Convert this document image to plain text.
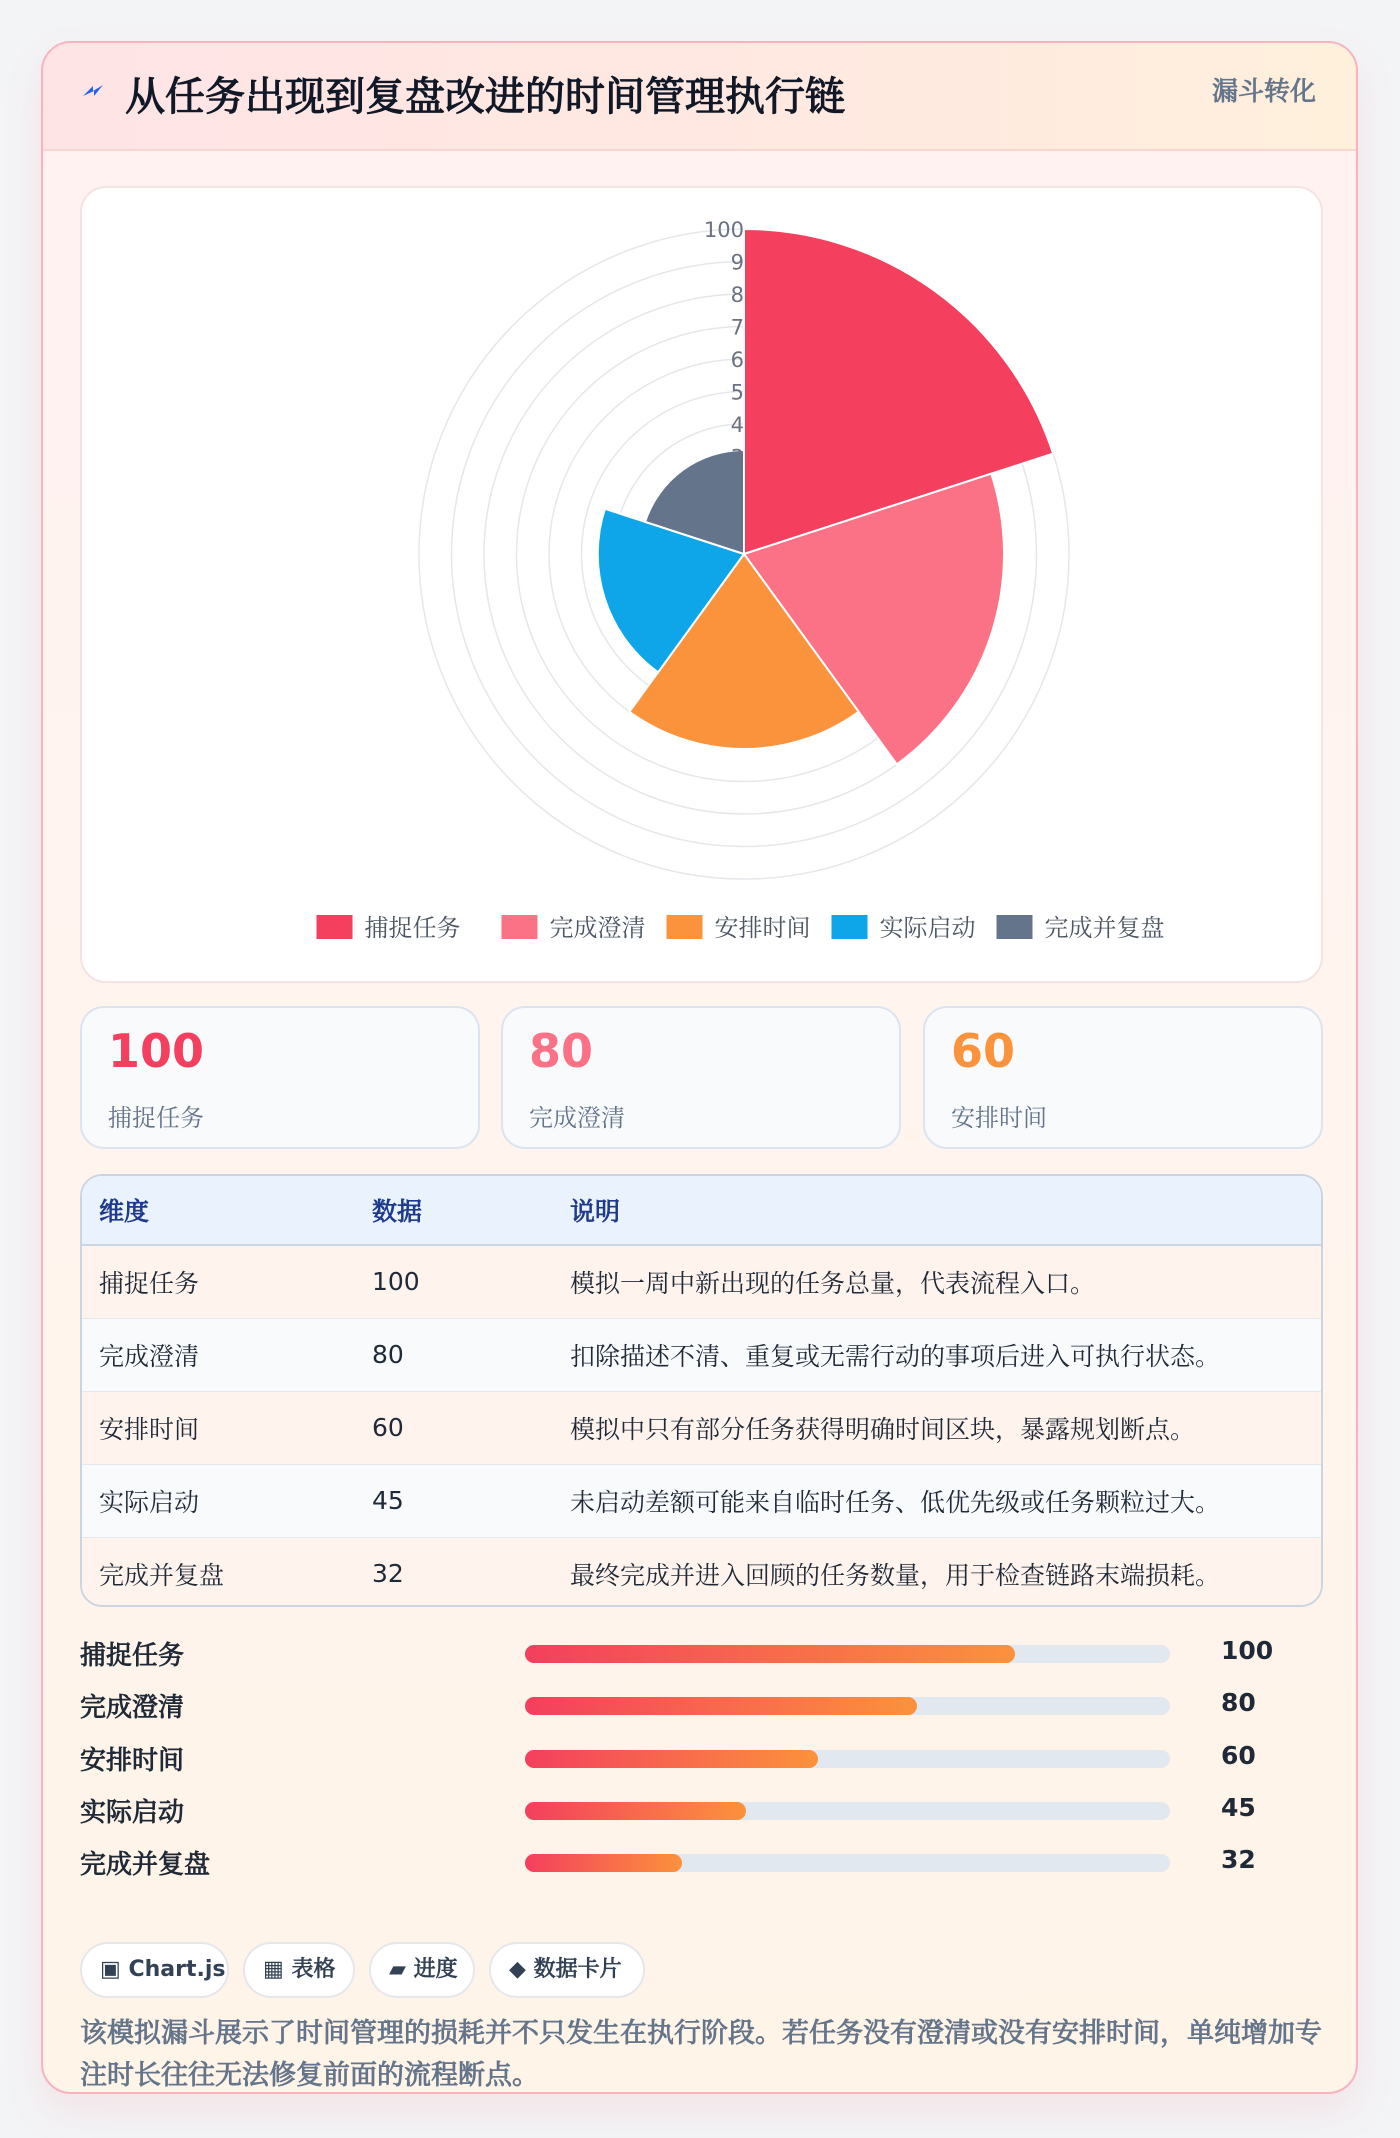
从任务出现到复盘改进的时间管理执行链	漏斗转化
100
9
8
7
6
5
4
3
捕捉任务	完成澄清	安排时间	实际启动	完成并复盘
100
捕捉任务
80
完成澄清
60
安排时间
维度	数据	说明
捕捉任务	100	模拟一周中新出现的任务总量，代表流程入口。
完成澄清	80	扣除描述不清、重复或无需行动的事项后进入可执行状态。
安排时间	60	模拟中只有部分任务获得明确时间区块，暴露规划断点。
实际启动	45	未启动差额可能来自临时任务、低优先级或任务颗粒过大。
完成并复盘	32	最终完成并进入回顾的任务数量，用于检查链路末端损耗。
捕捉任务	100
完成澄清	80
安排时间	60
实际启动	45
完成并复盘	32
▣ Chart.js	▦ 表格	▰ 进度	◆ 数据卡片
该模拟漏斗展示了时间管理的损耗并不只发生在执行阶段。若任务没有澄清或没有安排时间，单纯增加专注时长往往无法修复前面的流程断点。
